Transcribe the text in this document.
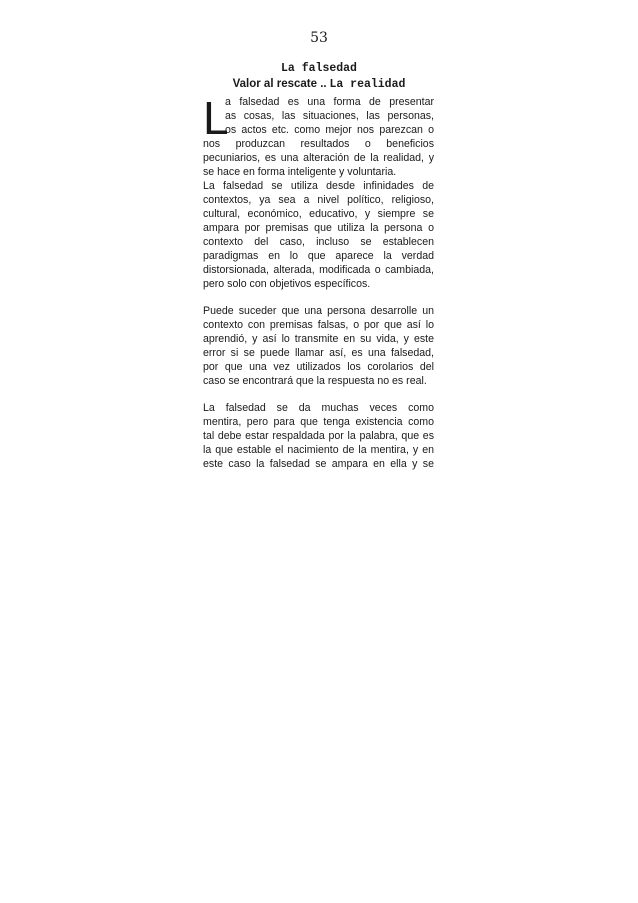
53
La falsedad
Valor al rescate .. La realidad
L
a falsedad es una forma de presentar
as cosas, las situaciones, las personas,
os actos etc. como mejor nos parezcan o

nos produzcan resultados o beneficios
pecuniarios, es una alteración de la realidad, y
se hace en forma inteligente y voluntaria.
La falsedad se utiliza desde infinidades de
contextos, ya sea a nivel político, religioso,
cultural, económico, educativo, y siempre se
ampara por premisas que utiliza la persona o
contexto del caso, incluso se establecen
paradigmas en lo que aparece la verdad
distorsionada, alterada, modificada o cambiada,
pero solo con objetivos específicos.

Puede suceder que una persona desarrolle un
contexto con premisas falsas, o por que así lo
aprendió, y así lo transmite en su vida, y este
error si se puede llamar así, es una falsedad,
por que una vez utilizados los corolarios del
caso se encontrará que la respuesta no es real.

La falsedad se da muchas veces como
mentira, pero para que tenga existencia como
tal debe estar respaldada por la palabra, que es
la que estable el nacimiento de la mentira, y en
este caso la falsedad se ampara en ella y se
